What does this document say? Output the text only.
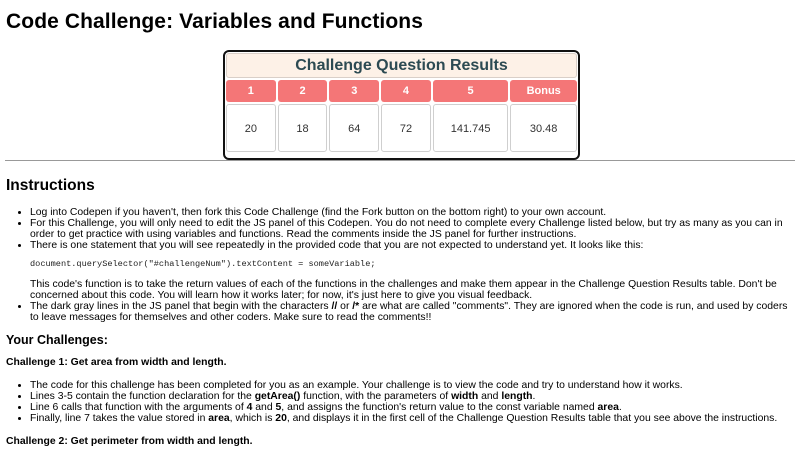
Code Challenge: Variables and Functions
Challenge Question Results
1	2	3	4	5	Bonus
20	18	64	72	141.745	30.48
Instructions
• Log into Codepen if you haven't, then fork this Code Challenge (find the Fork button on the bottom right) to your own account.
• For this Challenge, you will only need to edit the JS panel of this Codepen. You do not need to complete every Challenge listed below, but try as many as you can in order to get practice with using variables and functions. Read the comments inside the JS panel for further instructions.
• There is one statement that you will see repeatedly in the provided code that you are not expected to understand yet. It looks like this:
document.querySelector("#challengeNum").textContent = someVariable;

This code's function is to take the return values of each of the functions in the challenges and make them appear in the Challenge Question Results table. Don't be concerned about this code. You will learn how it works later; for now, it's just here to give you visual feedback.

• The dark gray lines in the JS panel that begin with the characters // or /* are what are called "comments". They are ignored when the code is run, and used by coders to leave messages for themselves and other coders. Make sure to read the comments!!
Your Challenges:
Challenge 1: Get area from width and length.
• The code for this challenge has been completed for you as an example. Your challenge is to view the code and try to understand how it works.
• Lines 3-5 contain the function declaration for the getArea() function, with the parameters of width and length.
• Line 6 calls that function with the arguments of 4 and 5, and assigns the function's return value to the const variable named area.
• Finally, line 7 takes the value stored in area, which is 20, and displays it in the first cell of the Challenge Question Results table that you see above the instructions.
Challenge 2: Get perimeter from width and length.
